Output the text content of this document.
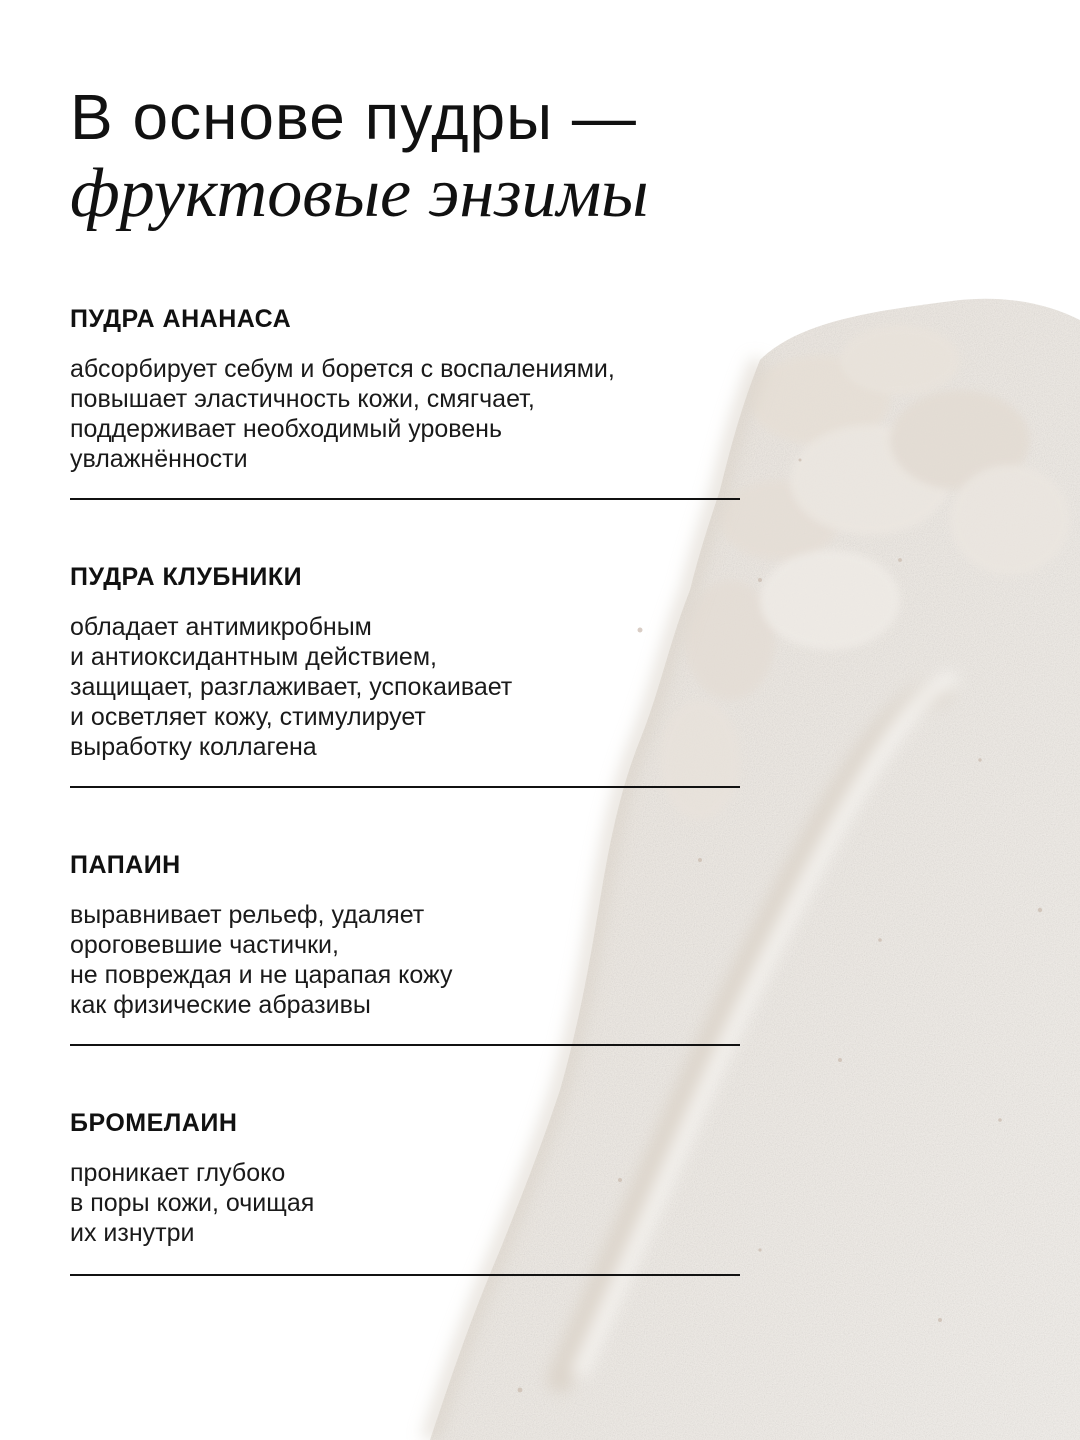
В основе пудры —
фруктовые энзимы
ПУДРА АНАНАСА

абсорбирует себум и борется с воспалениями,
повышает эластичность кожи, смягчает,
поддерживает необходимый уровень
увлажнённости

ПУДРА КЛУБНИКИ

обладает антимикробным
и антиоксидантным действием,
защищает, разглаживает, успокаивает
и осветляет кожу, стимулирует
выработку коллагена

ПАПАИН

выравнивает рельеф, удаляет
ороговевшие частички,
не повреждая и не царапая кожу
как физические абразивы

БРОМЕЛАИН

проникает глубоко
в поры кожи, очищая
их изнутри
